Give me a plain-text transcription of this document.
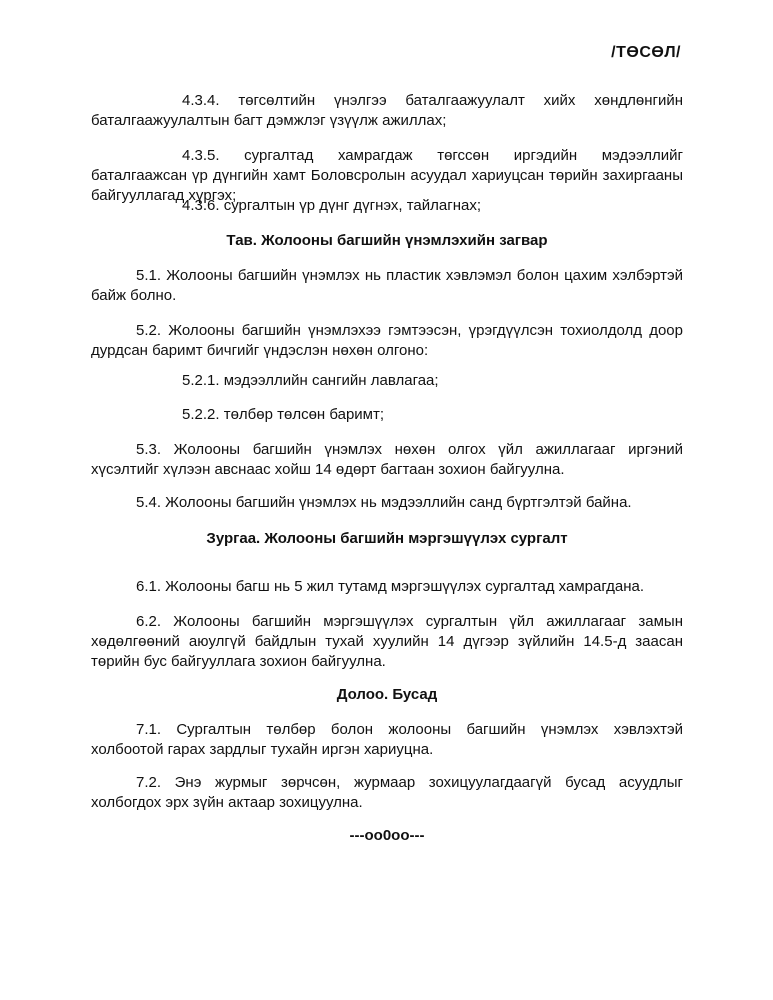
/ТӨСӨЛ/
4.3.4. төгсөлтийн үнэлгээ баталгаажуулалт хийх хөндлөнгийн
баталгаажуулалтын багт дэмжлэг үзүүлж ажиллах;
4.3.5. сургалтад хамрагдаж төгссөн иргэдийн мэдээллийг
баталгаажсан үр дүнгийн хамт Боловсролын асуудал хариуцсан төрийн захиргааны
байгууллагад хүргэх;
4.3.6. сургалтын үр дүнг дүгнэх, тайлагнах;
Тав. Жолооны багшийн үнэмлэхийн загвар
5.1. Жолооны багшийн үнэмлэх нь пластик хэвлэмэл болон цахим хэлбэртэй
байж болно.
5.2. Жолооны багшийн үнэмлэхээ гэмтээсэн, үрэгдүүлсэн тохиолдолд доор
дурдсан баримт бичгийг үндэслэн нөхөн олгоно:
5.2.1. мэдээллийн сангийн лавлагаа;
5.2.2. төлбөр төлсөн баримт;
5.3. Жолооны багшийн үнэмлэх нөхөн олгох үйл ажиллагааг иргэний
хүсэлтийг хүлээн авснаас хойш 14 өдөрт багтаан зохион байгуулна.
5.4. Жолооны багшийн үнэмлэх нь мэдээллийн санд бүртгэлтэй байна.
Зургаа. Жолооны багшийн мэргэшүүлэх сургалт
6.1. Жолооны багш нь 5 жил тутамд мэргэшүүлэх сургалтад хамрагдана.
6.2. Жолооны багшийн мэргэшүүлэх сургалтын үйл ажиллагааг замын
хөдөлгөөний аюулгүй байдлын тухай хуулийн 14 дүгээр зүйлийн 14.5-д заасан
төрийн бус байгууллага зохион байгуулна.
Долоо. Бусад
7.1. Сургалтын төлбөр болон жолооны багшийн үнэмлэх хэвлэхтэй
холбоотой гарах зардлыг тухайн иргэн хариуцна.
7.2. Энэ журмыг зөрчсөн, журмаар зохицуулагдаагүй бусад асуудлыг
холбогдох эрх зүйн актаар зохицуулна.
---oo0oo---
